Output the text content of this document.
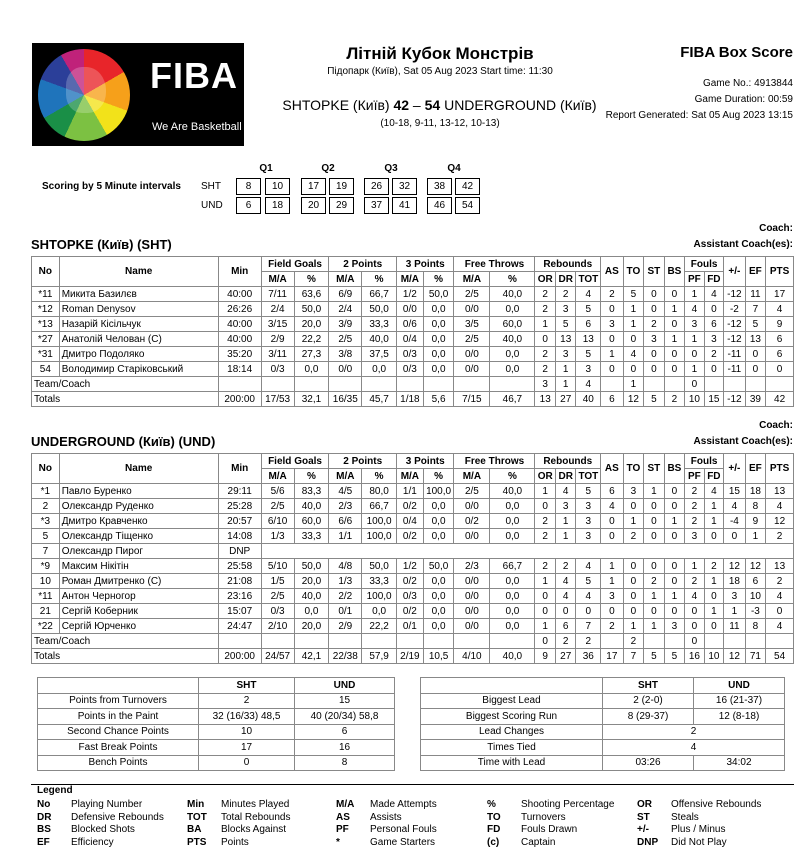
FIBA
We Are Basketball
Літній Кубок Монстрів
Підопарк (Київ), Sat 05 Aug 2023 Start time: 11:30
SHTOPKE (Київ) 42 – 54 UNDERGROUND (Київ)
(10-18, 9-11, 13-12, 10-13)
FIBA Box Score
Game No.: 4913844
Game Duration: 00:59
Report Generated: Sat 05 Aug 2023 13:15
Scoring by 5 Minute intervals
Q1	Q2	Q3	Q4
SHT	8	10	17	19	26	32	38	42
UND	6	18	20	29	37	41	46	54
SHTOPKE (Київ) (SHT)
Coach:
Assistant Coach(es):
No	Name	Min	Field Goals		2 Points		3 Points		Free Throws		Rebounds			AS	TO	ST	BS	Fouls		+/-	EF	PTS
			M/A	%	M/A	%	M/A	%	M/A	%	OR	DR	TOT					PF	FD			
*11	Микита Базилєв	40:00	7/11	63,6	6/9	66,7	1/2	50,0	2/5	40,0	2	2	4	2	5	0	0	1	4	-12	11	17
*12	Roman Denysov	26:26	2/4	50,0	2/4	50,0	0/0	0,0	0/0	0,0	2	3	5	0	1	0	1	4	0	-2	7	4
*13	Назарій Кісільчук	40:00	3/15	20,0	3/9	33,3	0/6	0,0	3/5	60,0	1	5	6	3	1	2	0	3	6	-12	5	9
*27	Анатолій Челован (C)	40:00	2/9	22,2	2/5	40,0	0/4	0,0	2/5	40,0	0	13	13	0	0	3	1	1	3	-12	13	6
*31	Дмитро Подоляко	35:20	3/11	27,3	3/8	37,5	0/3	0,0	0/0	0,0	2	3	5	1	4	0	0	0	2	-11	0	6
54	Володимир Старіковський	18:14	0/3	0,0	0/0	0,0	0/3	0,0	0/0	0,0	2	1	3	0	0	0	0	1	0	-11	0	0
Team/Coach											3	1	4		1			0				
Totals		200:00	17/53	32,1	16/35	45,7	1/18	5,6	7/15	46,7	13	27	40	6	12	5	2	10	15	-12	39	42
UNDERGROUND (Київ) (UND)
Coach:
Assistant Coach(es):
No	Name	Min	Field Goals		2 Points		3 Points		Free Throws		Rebounds			AS	TO	ST	BS	Fouls		+/-	EF	PTS
			M/A	%	M/A	%	M/A	%	M/A	%	OR	DR	TOT					PF	FD			
*1	Павло Буренко	29:11	5/6	83,3	4/5	80,0	1/1	100,0	2/5	40,0	1	4	5	6	3	1	0	2	4	15	18	13
2	Олександр Руденко	25:28	2/5	40,0	2/3	66,7	0/2	0,0	0/0	0,0	0	3	3	4	0	0	0	2	1	4	8	4
*3	Дмитро Кравченко	20:57	6/10	60,0	6/6	100,0	0/4	0,0	0/2	0,0	2	1	3	0	1	0	1	2	1	-4	9	12
5	Олександр Тіщенко	14:08	1/3	33,3	1/1	100,0	0/2	0,0	0/0	0,0	2	1	3	0	2	0	0	3	0	0	1	2
7	Олександр Пирог	DNP																				
*9	Максим Нікітін	25:58	5/10	50,0	4/8	50,0	1/2	50,0	2/3	66,7	2	2	4	1	0	0	0	1	2	12	12	13
10	Роман Дмитренко (C)	21:08	1/5	20,0	1/3	33,3	0/2	0,0	0/0	0,0	1	4	5	1	0	2	0	2	1	18	6	2
*11	Антон Черногор	23:16	2/5	40,0	2/2	100,0	0/3	0,0	0/0	0,0	0	4	4	3	0	1	1	4	0	3	10	4
21	Сергій Коберник	15:07	0/3	0,0	0/1	0,0	0/2	0,0	0/0	0,0	0	0	0	0	0	0	0	0	1	1	-3	0
*22	Сергій Юрченко	24:47	2/10	20,0	2/9	22,2	0/1	0,0	0/0	0,0	1	6	7	2	1	1	3	0	0	11	8	4
Team/Coach											0	2	2		2			0				
Totals		200:00	24/57	42,1	22/38	57,9	2/19	10,5	4/10	40,0	9	27	36	17	7	5	5	16	10	12	71	54
	SHT	UND
Points from Turnovers	2	15
Points in the Paint	32 (16/33) 48,5	40 (20/34) 58,8
Second Chance Points	10	6
Fast Break Points	17	16
Bench Points	0	8
	SHT	UND
Biggest Lead	2 (2-0)	16 (21-37)
Biggest Scoring Run	8 (29-37)	12 (8-18)
Lead Changes	2	
Times Tied	4	
Time with Lead	03:26	34:02
Legend
No Playing Number	Min Minutes Played	M/A Made Attempts	%	Shooting Percentage OR Offensive Rebounds
DR Defensive Rebounds TOT Total Rebounds	AS Assists	TO Turnovers	ST Steals
BS Blocked Shots	BA Blocks Against	PF Personal Fouls	FD Fouls Drawn	+/- Plus / Minus
EF Efficiency	PTS Points	*	Game Starters	(c) Captain	DNP Did Not Play
